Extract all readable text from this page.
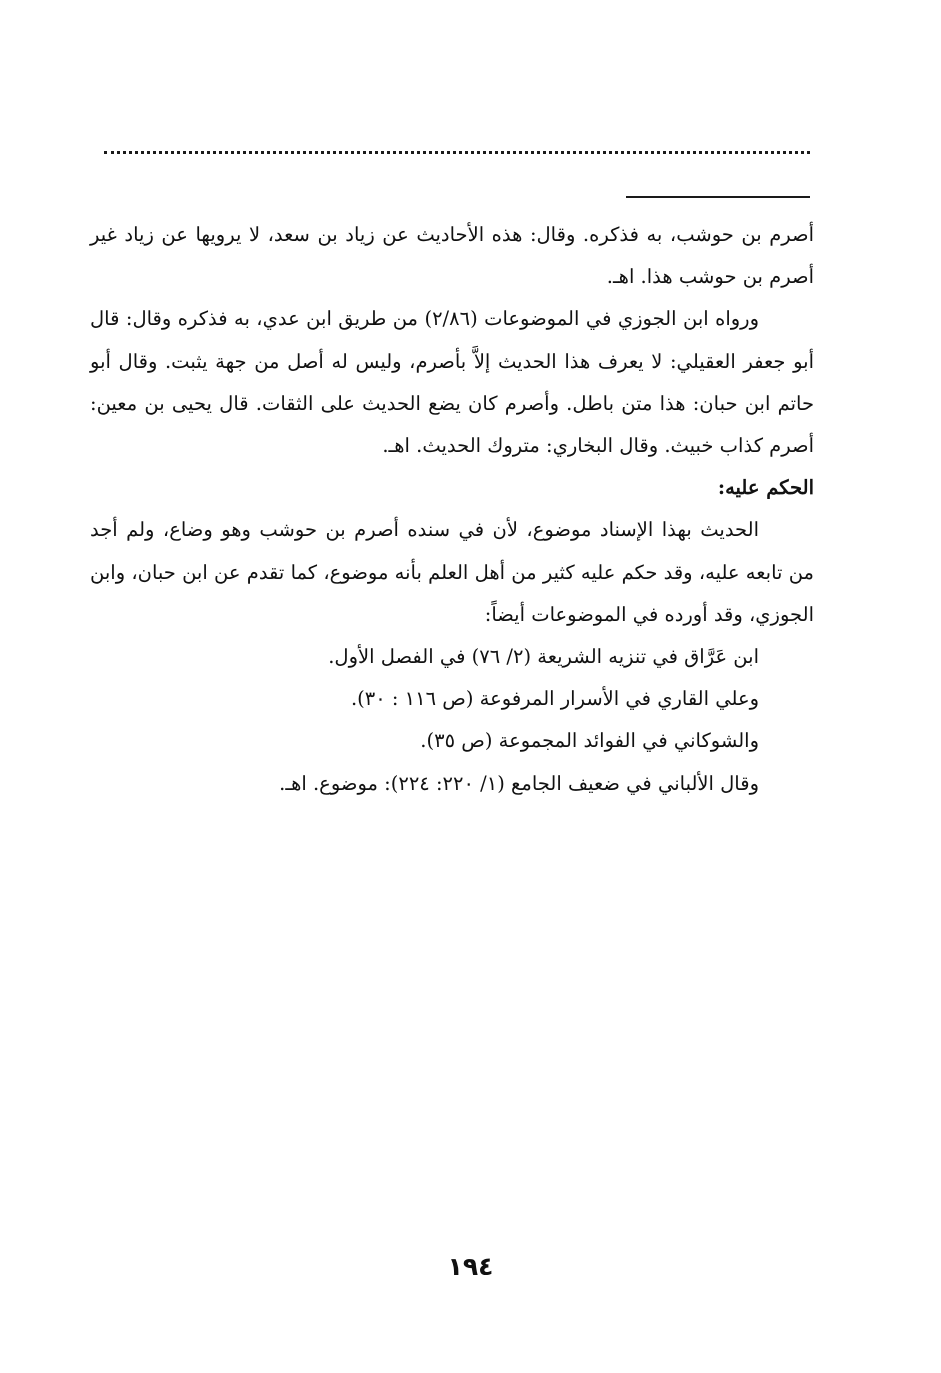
أصرم بن حوشب، به فذكره. وقال: هذه الأحاديث عن زياد بن سعد، لا يرويها عن زياد غير أصرم بن حوشب هذا. اهـ.

ورواه ابن الجوزي في الموضوعات (٢/٨٦) من طريق ابن عدي، به فذكره وقال: قال أبو جعفر العقيلي: لا يعرف هذا الحديث إلاَّ بأصرم، وليس له أصل من جهة يثبت. وقال أبو حاتم ابن حبان: هذا متن باطل. وأصرم كان يضع الحديث على الثقات. قال يحيى بن معين: أصرم كذاب خبيث. وقال البخاري: متروك الحديث. اهـ.

الحكم عليه:

الحديث بهذا الإسناد موضوع، لأن في سنده أصرم بن حوشب وهو وضاع، ولم أجد من تابعه عليه، وقد حكم عليه كثير من أهل العلم بأنه موضوع، كما تقدم عن ابن حبان، وابن الجوزي، وقد أورده في الموضوعات أيضاً:

ابن عَرَّاق في تنزيه الشريعة (٢/ ٧٦) في الفصل الأول.

وعلي القاري في الأسرار المرفوعة (ص ١١٦ : ٣٠).

والشوكاني في الفوائد المجموعة (ص ٣٥).

وقال الألباني في ضعيف الجامع (١/ ٢٢٠: ٢٢٤): موضوع. اهـ.

١٩٤
